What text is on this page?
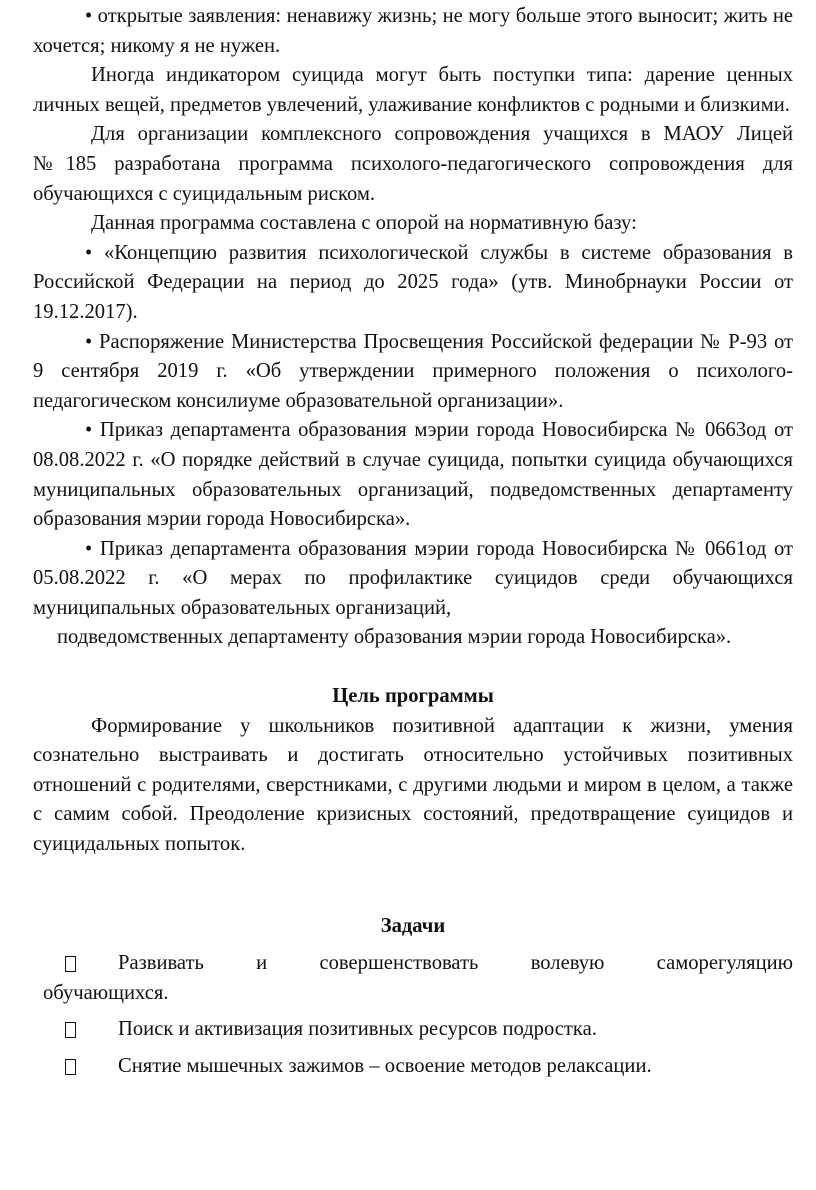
• открытые заявления: ненавижу жизнь; не могу больше этого выносит; жить не хочется; никому я не нужен.

Иногда индикатором суицида могут быть поступки типа: дарение ценных личных вещей, предметов увлечений, улаживание конфликтов с родными и близкими.

Для организации комплексного сопровождения учащихся в МАОУ Лицей №185 разработана программа психолого-педагогического сопровождения для обучающихся с суицидальным риском.

Данная программа составлена с опорой на нормативную базу:

• «Концепцию развития психологической службы в системе образования в Российской Федерации на период до 2025 года» (утв. Минобрнауки России от 19.12.2017).

• Распоряжение Министерства Просвещения Российской федерации № Р-93 от 9 сентября 2019 г. «Об утверждении примерного положения о психолого-педагогическом консилиуме образовательной организации».

• Приказ департамента образования мэрии города Новосибирска № 0663од от 08.08.2022 г. «О порядке действий в случае суицида, попытки суицида обучающихся муниципальных образовательных организаций, подведомственных департаменту образования мэрии города Новосибирска».

• Приказ департамента образования мэрии города Новосибирска № 0661од от 05.08.2022 г. «О мерах по профилактике суицидов среди обучающихся муниципальных образовательных организаций,

подведомственных департаменту образования мэрии города Новосибирска».

Цель программы

Формирование у школьников позитивной адаптации к жизни, умения сознательно выстраивать и достигать относительно устойчивых позитивных отношений с родителями, сверстниками, с другими людьми и миром в целом, а также с самим собой. Преодоление кризисных состояний, предотвращение суицидов и суицидальных попыток.

Задачи

Развивать и совершенствовать волевую саморегуляцию

обучающихся.

Поиск и активизация позитивных ресурсов подростка.
Снятие мышечных зажимов – освоение методов релаксации.
